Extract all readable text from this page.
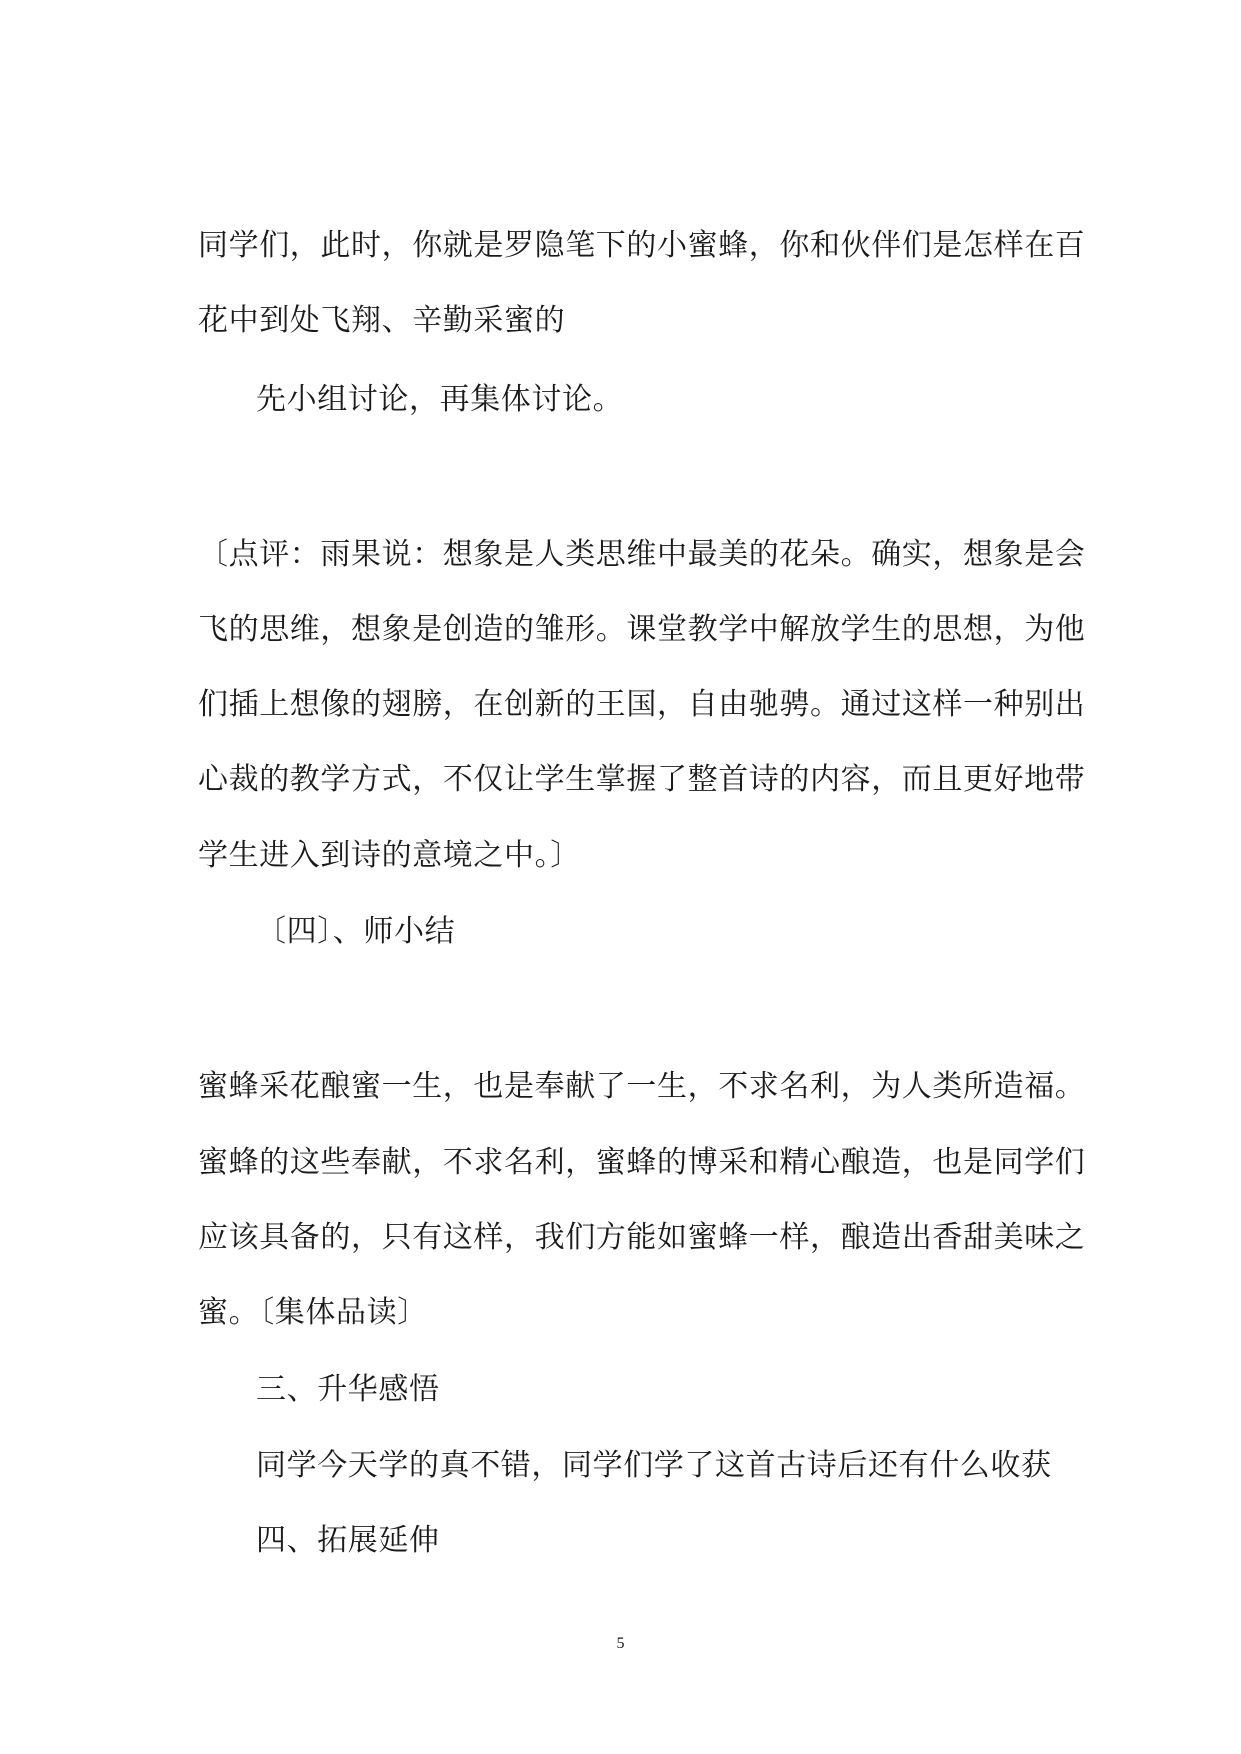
同学们，此时，你就是罗隐笔下的小蜜蜂，你和伙伴们是怎样在百
花中到处飞翔、辛勤采蜜的
先小组讨论，再集体讨论。
〔点评：雨果说：想象是人类思维中最美的花朵。确实，想象是会
飞的思维，想象是创造的雏形。课堂教学中解放学生的思想，为他
们插上想像的翅膀，在创新的王国，自由驰骋。通过这样一种别出
心裁的教学方式，不仅让学生掌握了整首诗的内容，而且更好地带
学生进入到诗的意境之中。〕
〔四〕、师小结
蜜蜂采花酿蜜一生，也是奉献了一生，不求名利，为人类所造福。
蜜蜂的这些奉献，不求名利，蜜蜂的博采和精心酿造，也是同学们
应该具备的，只有这样，我们方能如蜜蜂一样，酿造出香甜美味之
蜜。〔集体品读〕
三、升华感悟
同学今天学的真不错，同学们学了这首古诗后还有什么收获
四、拓展延伸
5
